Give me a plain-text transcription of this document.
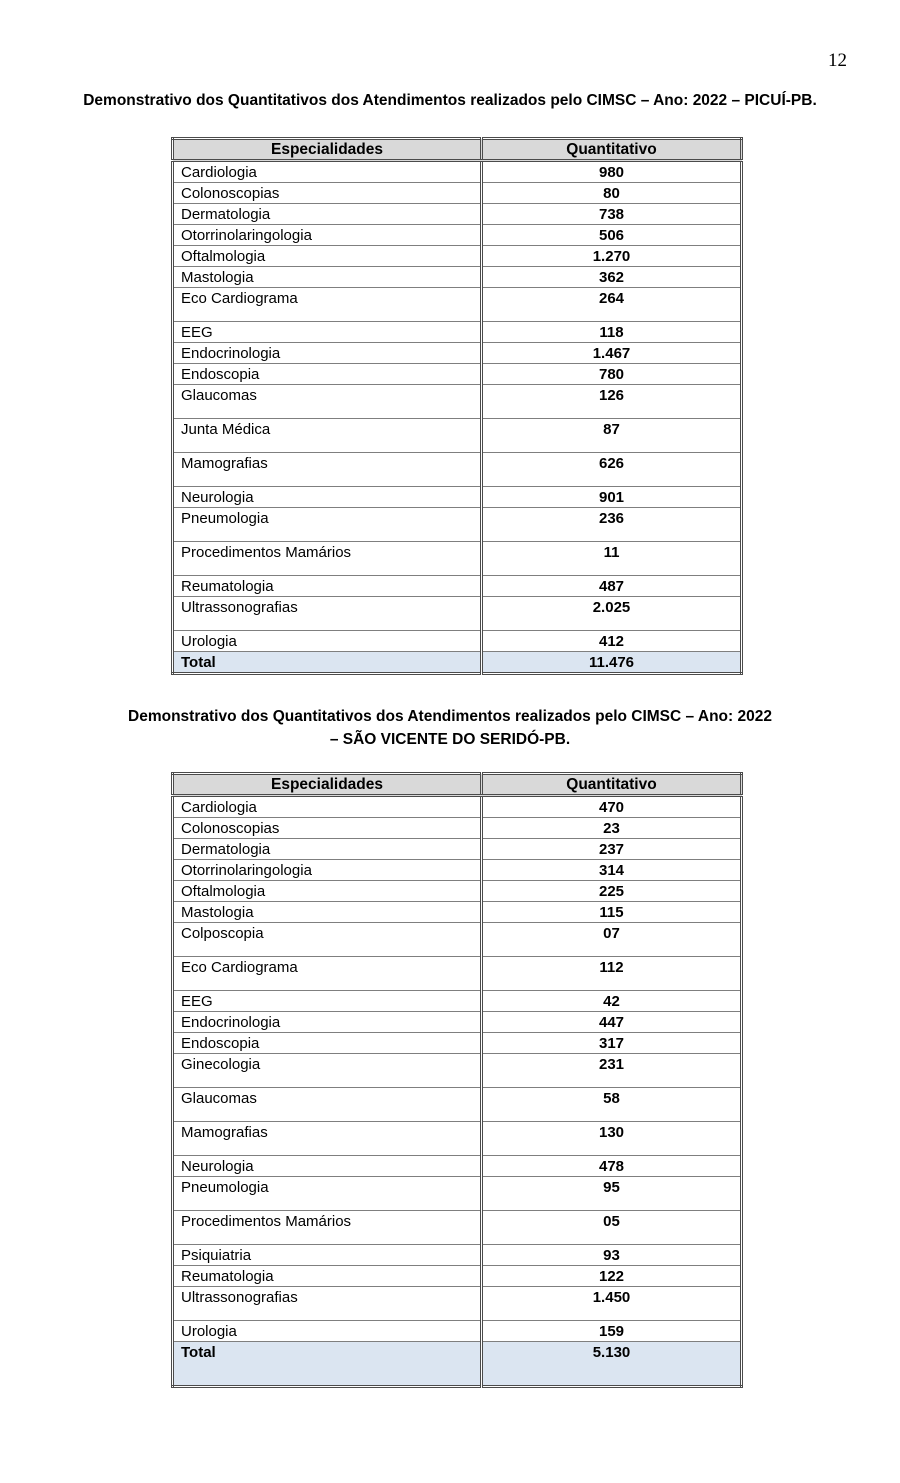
12
Demonstrativo dos Quantitativos dos Atendimentos realizados pelo CIMSC – Ano: 2022 – PICUÍ-PB.
Especialidades	Quantitativo
Cardiologia	980
Colonoscopias	80
Dermatologia	738
Otorrinolaringologia	506
Oftalmologia	1.270
Mastologia	362
Eco Cardiograma	264
EEG	118
Endocrinologia	1.467
Endoscopia	780
Glaucomas	126
Junta Médica	87
Mamografias	626
Neurologia	901
Pneumologia	236
Procedimentos Mamários	11
Reumatologia	487
Ultrassonografias	2.025
Urologia	412
Total	11.476
Demonstrativo dos Quantitativos dos Atendimentos realizados pelo CIMSC – Ano: 2022
– SÃO VICENTE DO SERIDÓ-PB.
Especialidades	Quantitativo
Cardiologia	470
Colonoscopias	23
Dermatologia	237
Otorrinolaringologia	314
Oftalmologia	225
Mastologia	115
Colposcopia	07
Eco Cardiograma	112
EEG	42
Endocrinologia	447
Endoscopia	317
Ginecologia	231
Glaucomas	58
Mamografias	130
Neurologia	478
Pneumologia	95
Procedimentos Mamários	05
Psiquiatria	93
Reumatologia	122
Ultrassonografias	1.450
Urologia	159
Total	5.130
